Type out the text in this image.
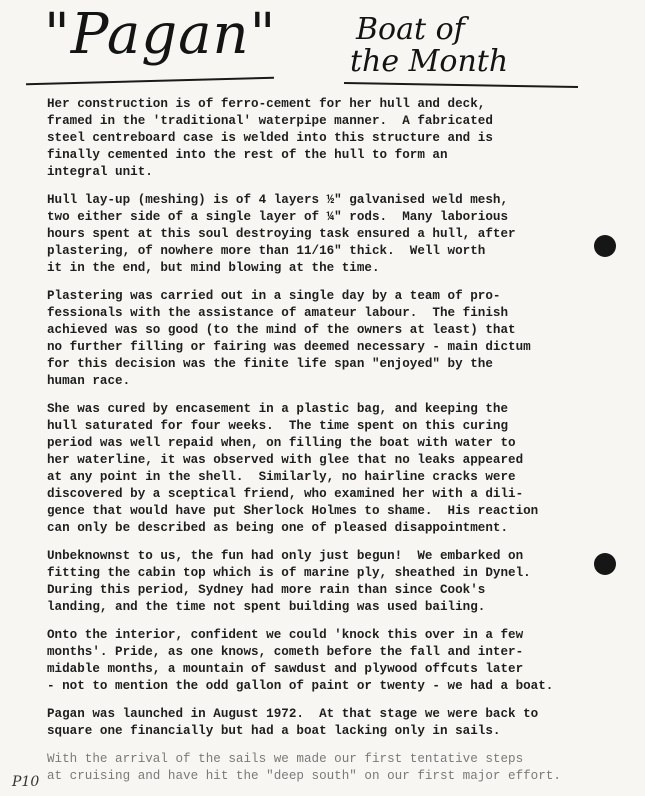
"Pagan"	Boat of
the Month
Her construction is of ferro-cement for her hull and deck,
framed in the 'traditional' waterpipe manner.  A fabricated
steel centreboard case is welded into this structure and is
finally cemented into the rest of the hull to form an
integral unit.
Hull lay-up (meshing) is of 4 layers ½" galvanised weld mesh,
two either side of a single layer of ¼" rods.  Many laborious
hours spent at this soul destroying task ensured a hull, after
plastering, of nowhere more than 11/16" thick.  Well worth
it in the end, but mind blowing at the time.
Plastering was carried out in a single day by a team of pro-
fessionals with the assistance of amateur labour.  The finish
achieved was so good (to the mind of the owners at least) that
no further filling or fairing was deemed necessary - main dictum
for this decision was the finite life span "enjoyed" by the
human race.
She was cured by encasement in a plastic bag, and keeping the
hull saturated for four weeks.  The time spent on this curing
period was well repaid when, on filling the boat with water to
her waterline, it was observed with glee that no leaks appeared
at any point in the shell.  Similarly, no hairline cracks were
discovered by a sceptical friend, who examined her with a dili-
gence that would have put Sherlock Holmes to shame.  His reaction
can only be described as being one of pleased disappointment.
Unbeknownst to us, the fun had only just begun!  We embarked on
fitting the cabin top which is of marine ply, sheathed in Dynel.
During this period, Sydney had more rain than since Cook's
landing, and the time not spent building was used bailing.
Onto the interior, confident we could 'knock this over in a few
months'. Pride, as one knows, cometh before the fall and inter-
midable months, a mountain of sawdust and plywood offcuts later
- not to mention the odd gallon of paint or twenty - we had a boat.
Pagan was launched in August 1972.  At that stage we were back to
square one financially but had a boat lacking only in sails.
With the arrival of the sails we made our first tentative steps
at cruising and have hit the "deep south" on our first major effort.
P10
